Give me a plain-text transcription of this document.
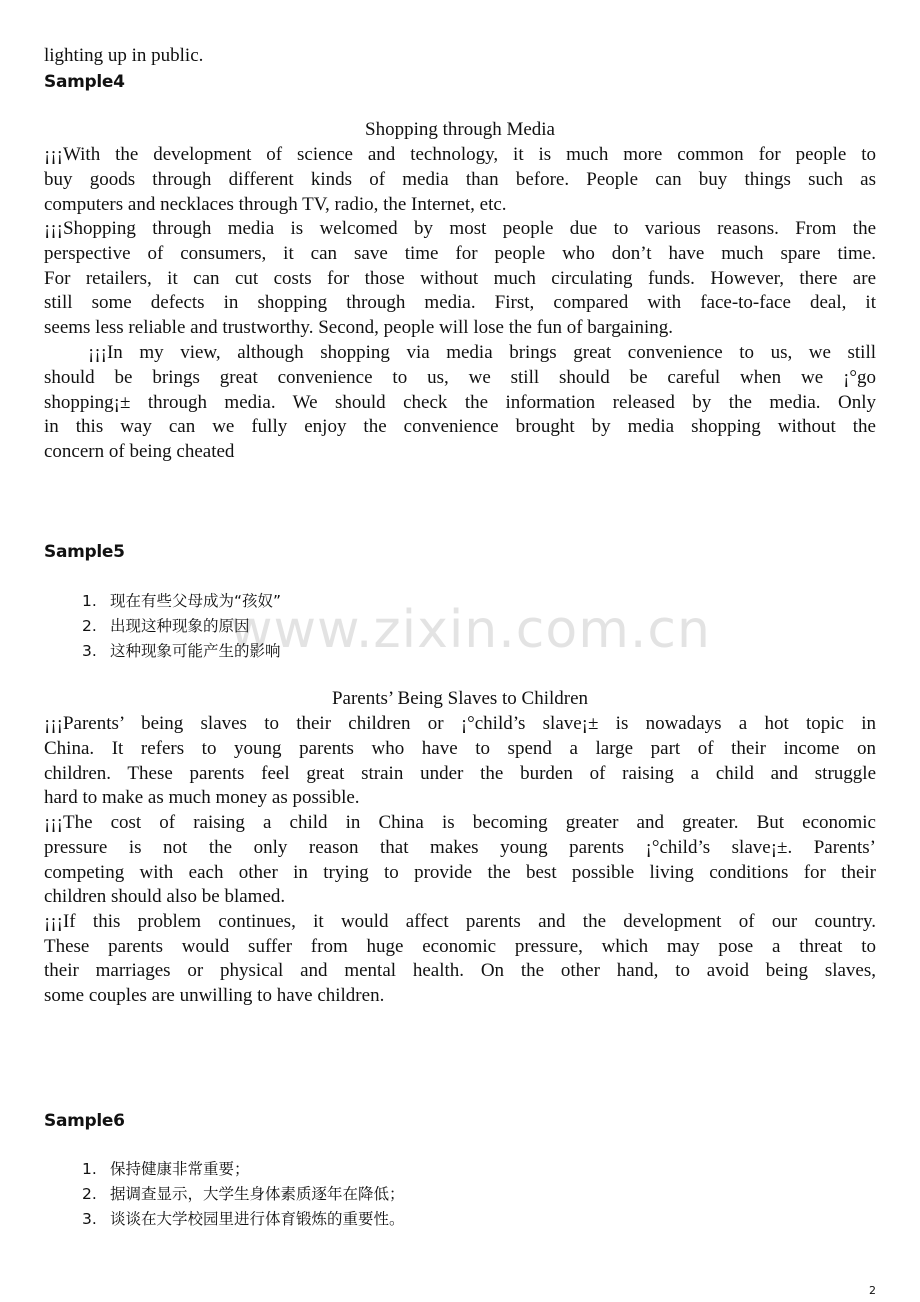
www.zixin.com.cn
lighting up in public.
Sample4
Shopping through Media
¡¡¡With the development of science and technology, it is much more common for people to
buy goods through different kinds of media than before. People can buy things such as
computers and necklaces through TV, radio, the Internet, etc.
¡¡¡Shopping through media is welcomed by most people due to various reasons. From the
perspective of consumers, it can save time for people who don’t have much spare time.
For retailers, it can cut costs for those without much circulating funds. However, there are
still some defects in shopping through media. First, compared with face-to-face deal, it
seems less reliable and trustworthy. Second, people will lose the fun of bargaining.
¡¡¡In my view, although shopping via media brings great convenience to us, we still
should be brings great convenience to us, we still should be careful when we ¡°go
shopping¡± through media. We should check the information released by the media. Only
in this way can we fully enjoy the convenience brought by media shopping without the
concern of being cheated
Sample5
1. 现在有些父母成为“孩奴”
2. 出现这种现象的原因
3. 这种现象可能产生的影响
Parents’ Being Slaves to Children
¡¡¡Parents’ being slaves to their children or ¡°child’s slave¡± is nowadays a hot topic in
China. It refers to young parents who have to spend a large part of their income on
children. These parents feel great strain under the burden of raising a child and struggle
hard to make as much money as possible.
¡¡¡The cost of raising a child in China is becoming greater and greater. But economic
pressure is not the only reason that makes young parents ¡°child’s slave¡±. Parents’
competing with each other in trying to provide the best possible living conditions for their
children should also be blamed.
¡¡¡If this problem continues, it would affect parents and the development of our country.
These parents would suffer from huge economic pressure, which may pose a threat to
their marriages or physical and mental health. On the other hand, to avoid being slaves,
some couples are unwilling to have children.
Sample6
1. 保持健康非常重要；
2. 据调查显示，大学生身体素质逐年在降低；
3. 谈谈在大学校园里进行体育锻炼的重要性。
2
